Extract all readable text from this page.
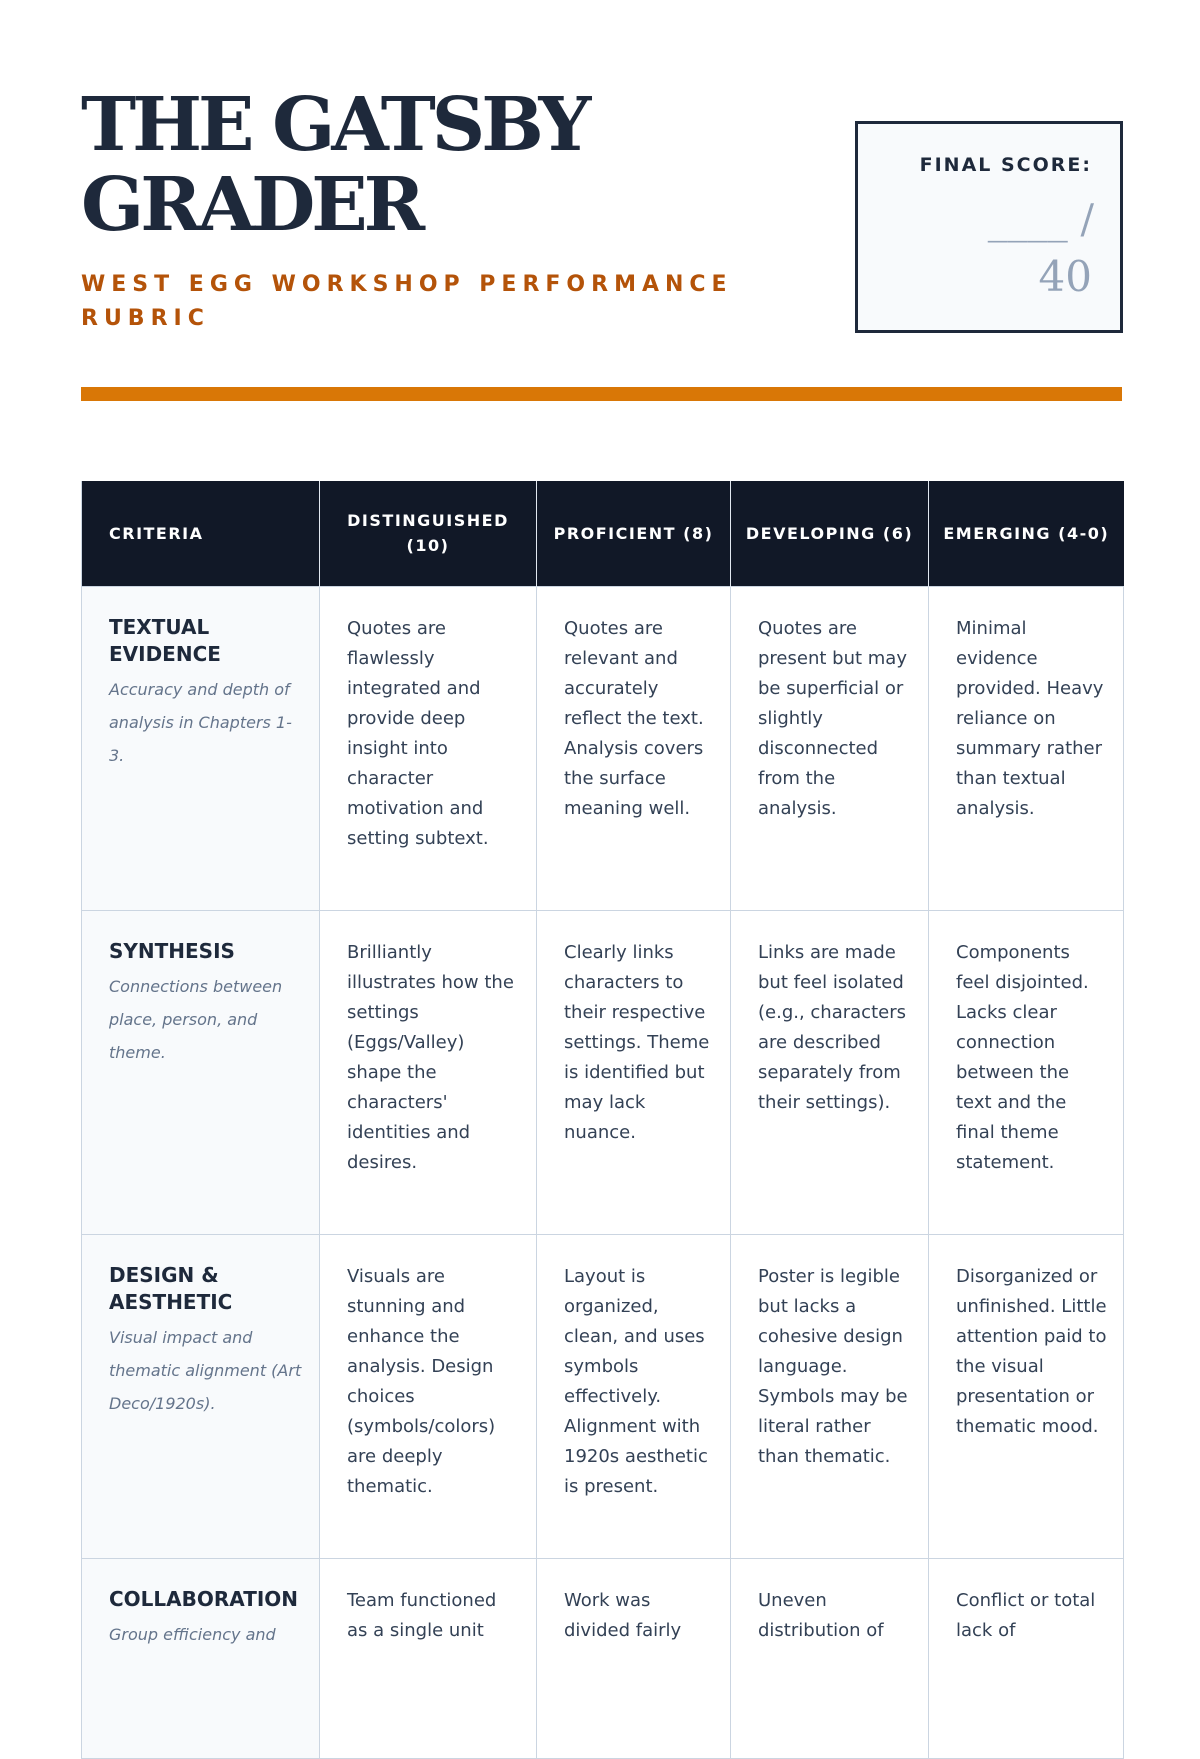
THE GATSBY
GRADER
WEST EGG WORKSHOP PERFORMANCE RUBRIC
FINAL SCORE:
____ /
40
CRITERIA	DISTINGUISHED (10)	PROFICIENT (8)	DEVELOPING (6)	EMERGING (4-0)

TEXTUAL EVIDENCE
Accuracy and depth of analysis in Chapters 1-3.	Quotes are flawlessly integrated and provide deep insight into character motivation and setting subtext.	Quotes are relevant and accurately reflect the text. Analysis covers the surface meaning well.	Quotes are present but may be superficial or slightly disconnected from the analysis.	Minimal evidence provided. Heavy reliance on summary rather than textual analysis.

SYNTHESIS
Connections between place, person, and theme.	Brilliantly illustrates how the settings (Eggs/Valley) shape the characters' identities and desires.	Clearly links characters to their respective settings. Theme is identified but may lack nuance.	Links are made but feel isolated (e.g., characters are described separately from their settings).	Components feel disjointed. Lacks clear connection between the text and the final theme statement.

DESIGN & AESTHETIC
Visual impact and thematic alignment (Art Deco/1920s).	Visuals are stunning and enhance the analysis. Design choices (symbols/colors) are deeply thematic.	Layout is organized, clean, and uses symbols effectively. Alignment with 1920s aesthetic is present.	Poster is legible but lacks a cohesive design language. Symbols may be literal rather than thematic.	Disorganized or unfinished. Little attention paid to the visual presentation or thematic mood.

COLLABORATION
Group efficiency and	Team functioned as a single unit	Work was divided fairly	Uneven distribution of	Conflict or total lack of
